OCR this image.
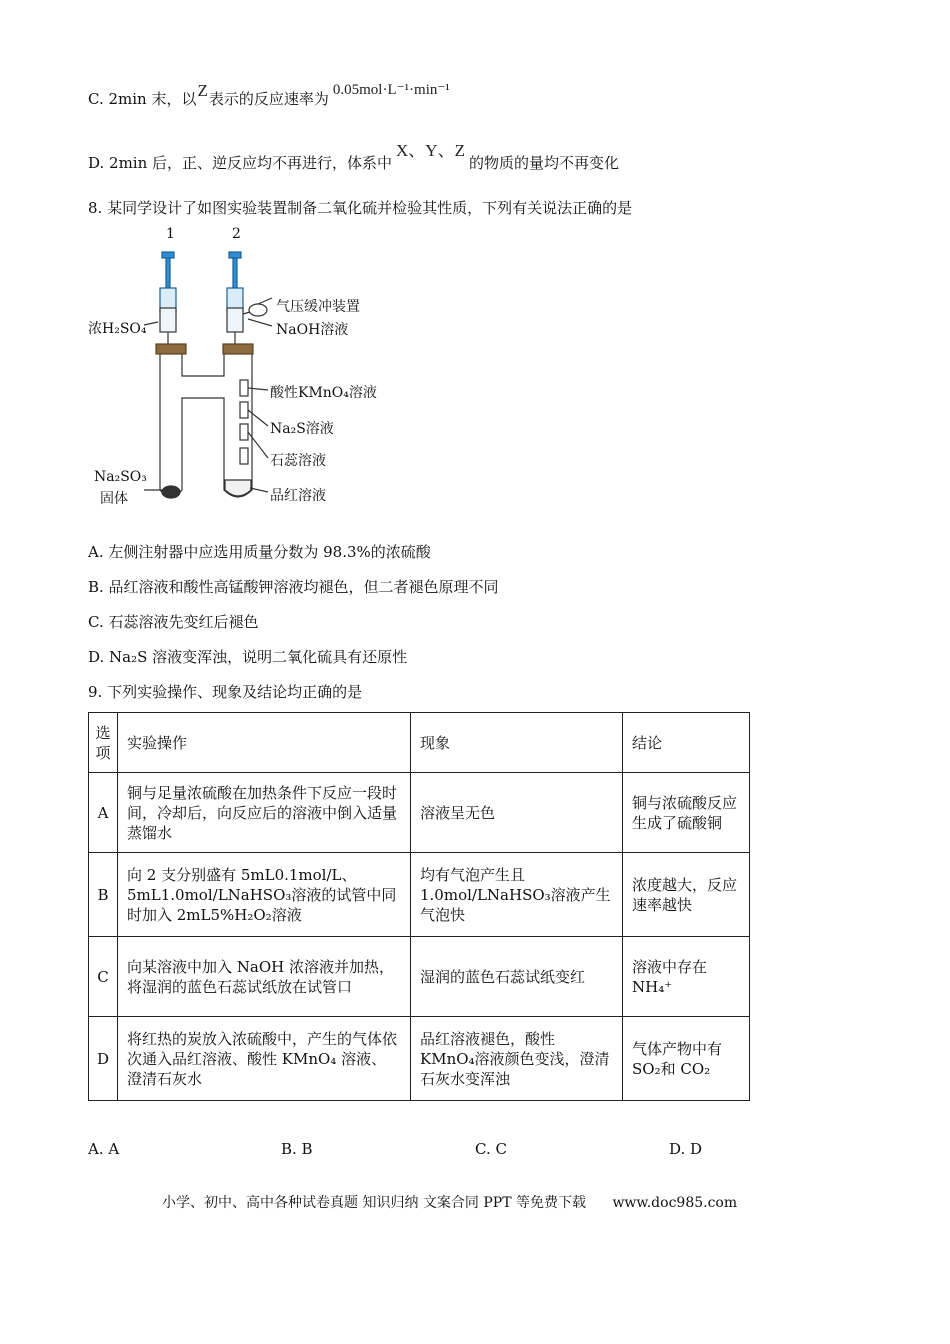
C. 2min 末，以Z表示的反应速率为 0.05mol·L⁻¹·min⁻¹
D. 2min 后，正、逆反应均不再进行，体系中X、Y、Z的物质的量均不再变化
8. 某同学设计了如图实验装置制备二氧化硫并检验其性质，下列有关说法正确的是
1	2
气压缓冲装置
NaOH溶液
浓H₂SO₄
酸性KMnO₄溶液
Na₂S溶液
石蕊溶液
品红溶液
Na₂SO₃
固体
A. 左侧注射器中应选用质量分数为 98.3%的浓硫酸
B. 品红溶液和酸性高锰酸钾溶液均褪色，但二者褪色原理不同
C. 石蕊溶液先变红后褪色
D. Na₂S 溶液变浑浊，说明二氧化硫具有还原性
9. 下列实验操作、现象及结论均正确的是
选项	实验操作	现象	结论
A	铜与足量浓硫酸在加热条件下反应一段时间，冷却后，向反应后的溶液中倒入适量蒸馏水	溶液呈无色	铜与浓硫酸反应生成了硫酸铜
B	向 2 支分别盛有 5mL0.1mol/L、5mL1.0mol/LNaHSO₃溶液的试管中同时加入 2mL5%H₂O₂溶液	均有气泡产生且 1.0mol/LNaHSO₃溶液产生气泡快	浓度越大，反应速率越快
C	向某溶液中加入 NaOH 浓溶液并加热，将湿润的蓝色石蕊试纸放在试管口	湿润的蓝色石蕊试纸变红	溶液中存在 NH₄⁺
D	将红热的炭放入浓硫酸中，产生的气体依次通入品红溶液、酸性 KMnO₄ 溶液、澄清石灰水	品红溶液褪色，酸性 KMnO₄溶液颜色变浅，澄清石灰水变浑浊	气体产物中有 SO₂和 CO₂
A. A	B. B	C. C	D. D
小学、初中、高中各种试卷真题 知识归纳 文案合同 PPT 等免费下载 www.doc985.com
